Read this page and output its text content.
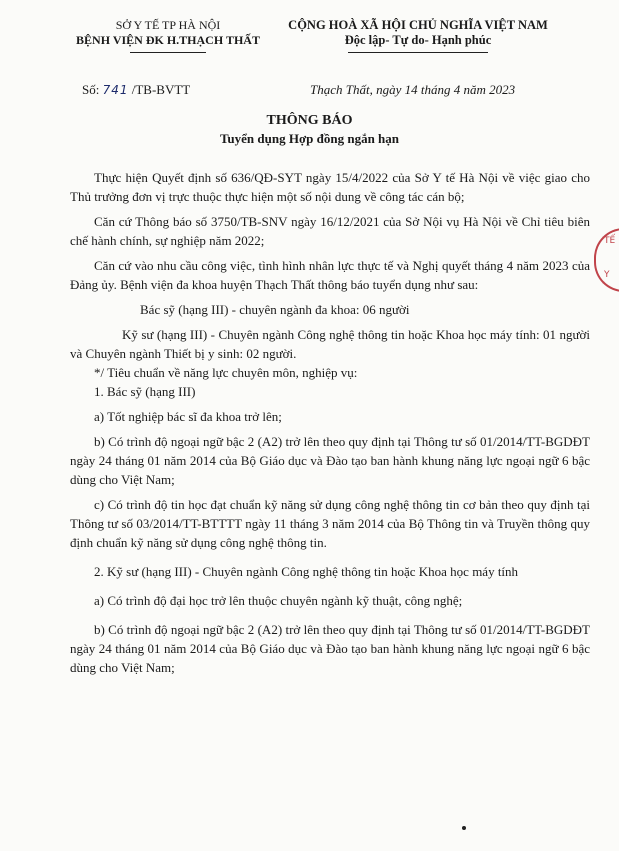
SỞ Y TẾ TP HÀ NỘI
BỆNH VIỆN ĐK H.THẠCH THẤT
CỘNG HOÀ XÃ HỘI CHỦ NGHĨA VIỆT NAM
Độc lập- Tự do- Hạnh phúc
Số: 741 /TB-BVTT	Thạch Thất, ngày 14 tháng 4 năm 2023
THÔNG BÁO
Tuyển dụng Hợp đồng ngắn hạn
TẾ
Y

Thực hiện Quyết định số 636/QĐ-SYT ngày 15/4/2022 của Sở Y tế Hà Nội về việc giao cho Thủ trưởng đơn vị trực thuộc thực hiện một số nội dung về công tác cán bộ;

Căn cứ Thông báo số 3750/TB-SNV ngày 16/12/2021 của Sở Nội vụ Hà Nội về Chỉ tiêu biên chế hành chính, sự nghiệp năm 2022;

Căn cứ vào nhu cầu công việc, tình hình nhân lực thực tế và Nghị quyết tháng 4 năm 2023 của Đảng ủy. Bệnh viện đa khoa huyện Thạch Thất thông báo tuyển dụng như sau:

Bác sỹ (hạng III) - chuyên ngành đa khoa: 06 người

Kỹ sư (hạng III) - Chuyên ngành Công nghệ thông tin hoặc Khoa học máy tính: 01 người và Chuyên ngành Thiết bị y sinh: 02 người.

*/ Tiêu chuẩn về năng lực chuyên môn, nghiệp vụ:

1. Bác sỹ (hạng III)

a) Tốt nghiệp bác sĩ đa khoa trở lên;

b) Có trình độ ngoại ngữ bậc 2 (A2) trở lên theo quy định tại Thông tư số 01/2014/TT-BGDĐT ngày 24 tháng 01 năm 2014 của Bộ Giáo dục và Đào tạo ban hành khung năng lực ngoại ngữ 6 bậc dùng cho Việt Nam;

c) Có trình độ tin học đạt chuẩn kỹ năng sử dụng công nghệ thông tin cơ bản theo quy định tại Thông tư số 03/2014/TT-BTTTT ngày 11 tháng 3 năm 2014 của Bộ Thông tin và Truyền thông quy định chuẩn kỹ năng sử dụng công nghệ thông tin.

2. Kỹ sư (hạng III) - Chuyên ngành Công nghệ thông tin hoặc Khoa học máy tính

a) Có trình độ đại học trở lên thuộc chuyên ngành kỹ thuật, công nghệ;

b) Có trình độ ngoại ngữ bậc 2 (A2) trở lên theo quy định tại Thông tư số 01/2014/TT-BGDĐT ngày 24 tháng 01 năm 2014 của Bộ Giáo dục và Đào tạo ban hành khung năng lực ngoại ngữ 6 bậc dùng cho Việt Nam;
